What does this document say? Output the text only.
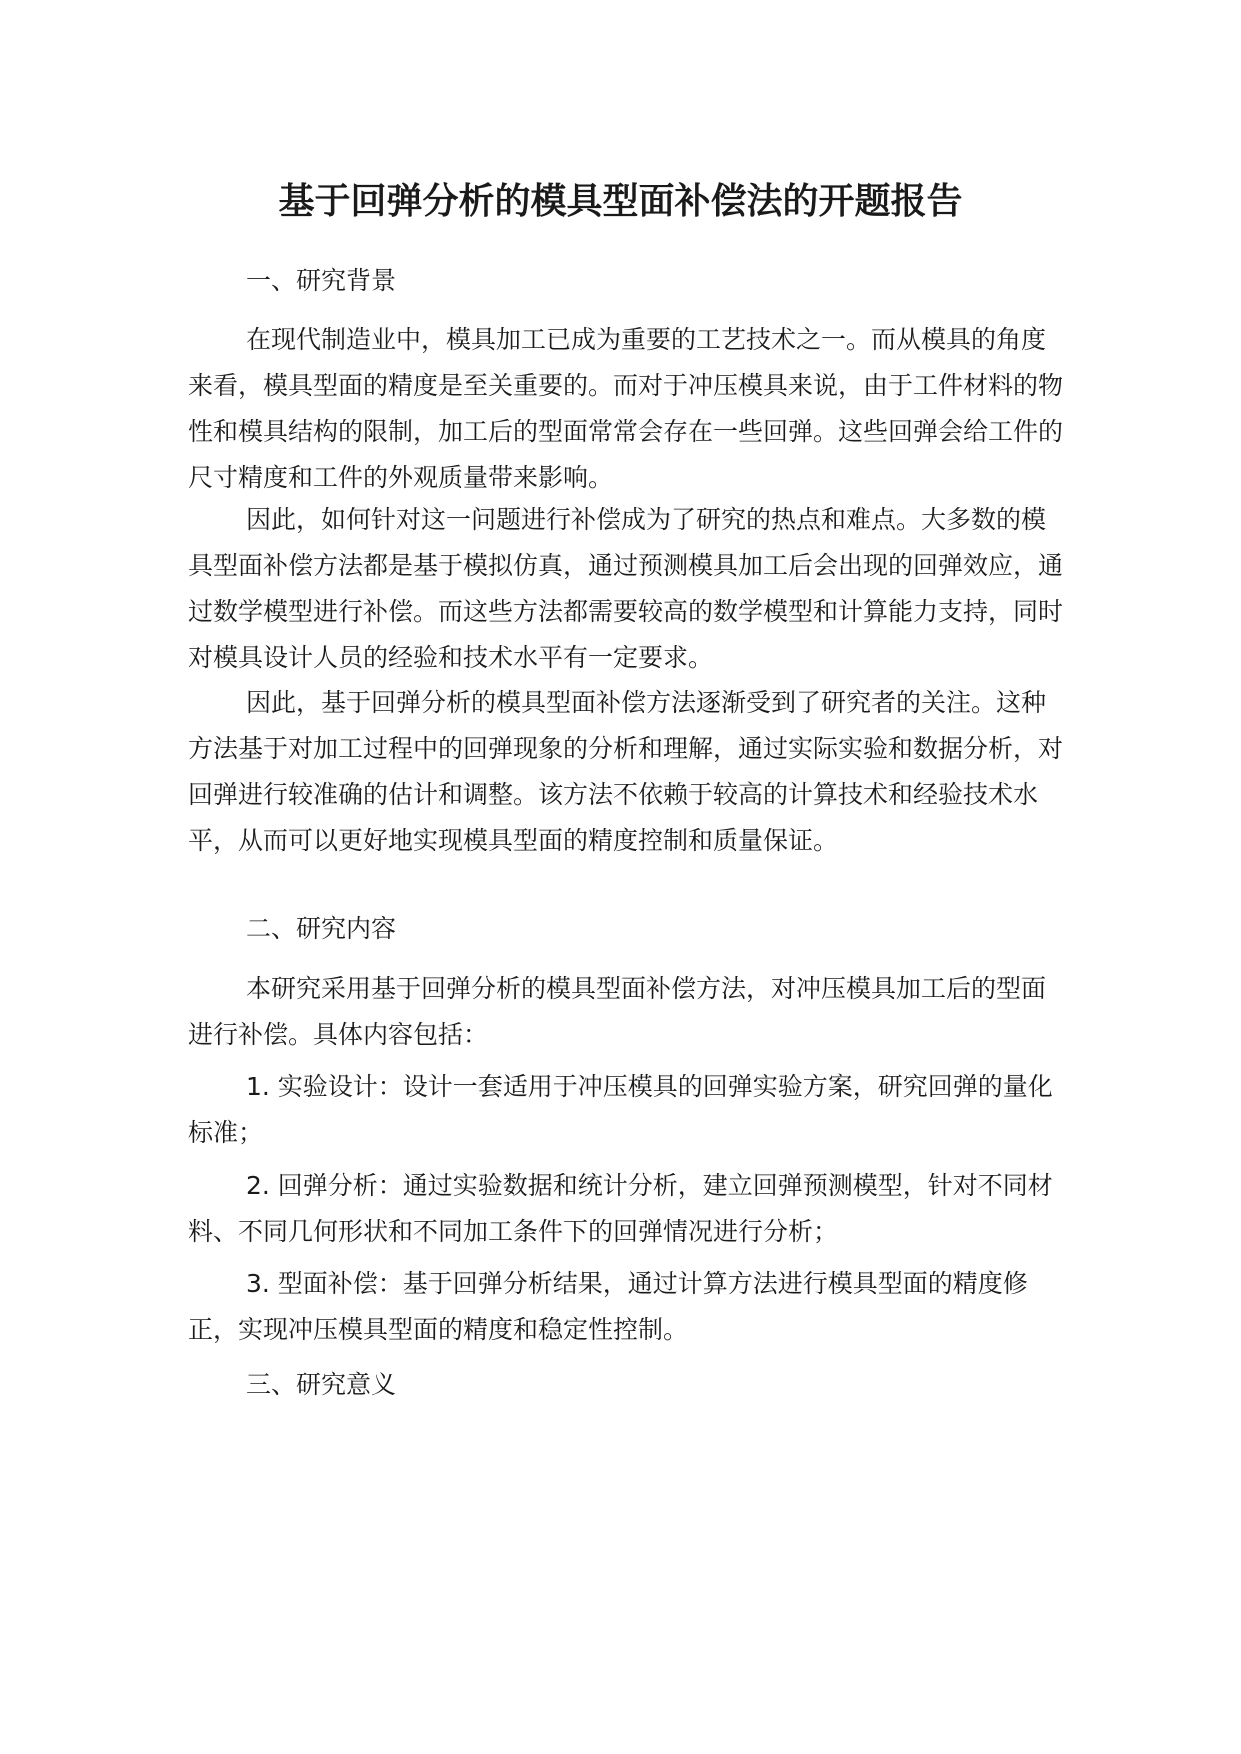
基于回弹分析的模具型面补偿法的开题报告
一、研究背景

在现代制造业中，模具加工已成为重要的工艺技术之一。而从模具的角度来看，模具型面的精度是至关重要的。而对于冲压模具来说，由于工件材料的物性和模具结构的限制，加工后的型面常常会存在一些回弹。这些回弹会给工件的尺寸精度和工件的外观质量带来影响。

因此，如何针对这一问题进行补偿成为了研究的热点和难点。大多数的模具型面补偿方法都是基于模拟仿真，通过预测模具加工后会出现的回弹效应，通过数学模型进行补偿。而这些方法都需要较高的数学模型和计算能力支持，同时对模具设计人员的经验和技术水平有一定要求。

因此，基于回弹分析的模具型面补偿方法逐渐受到了研究者的关注。这种方法基于对加工过程中的回弹现象的分析和理解，通过实际实验和数据分析，对回弹进行较准确的估计和调整。该方法不依赖于较高的计算技术和经验技术水平，从而可以更好地实现模具型面的精度控制和质量保证。

二、研究内容

本研究采用基于回弹分析的模具型面补偿方法，对冲压模具加工后的型面进行补偿。具体内容包括：

1. 实验设计：设计一套适用于冲压模具的回弹实验方案，研究回弹的量化标准；

2. 回弹分析：通过实验数据和统计分析，建立回弹预测模型，针对不同材料、不同几何形状和不同加工条件下的回弹情况进行分析；

3. 型面补偿：基于回弹分析结果，通过计算方法进行模具型面的精度修正，实现冲压模具型面的精度和稳定性控制。

三、研究意义
